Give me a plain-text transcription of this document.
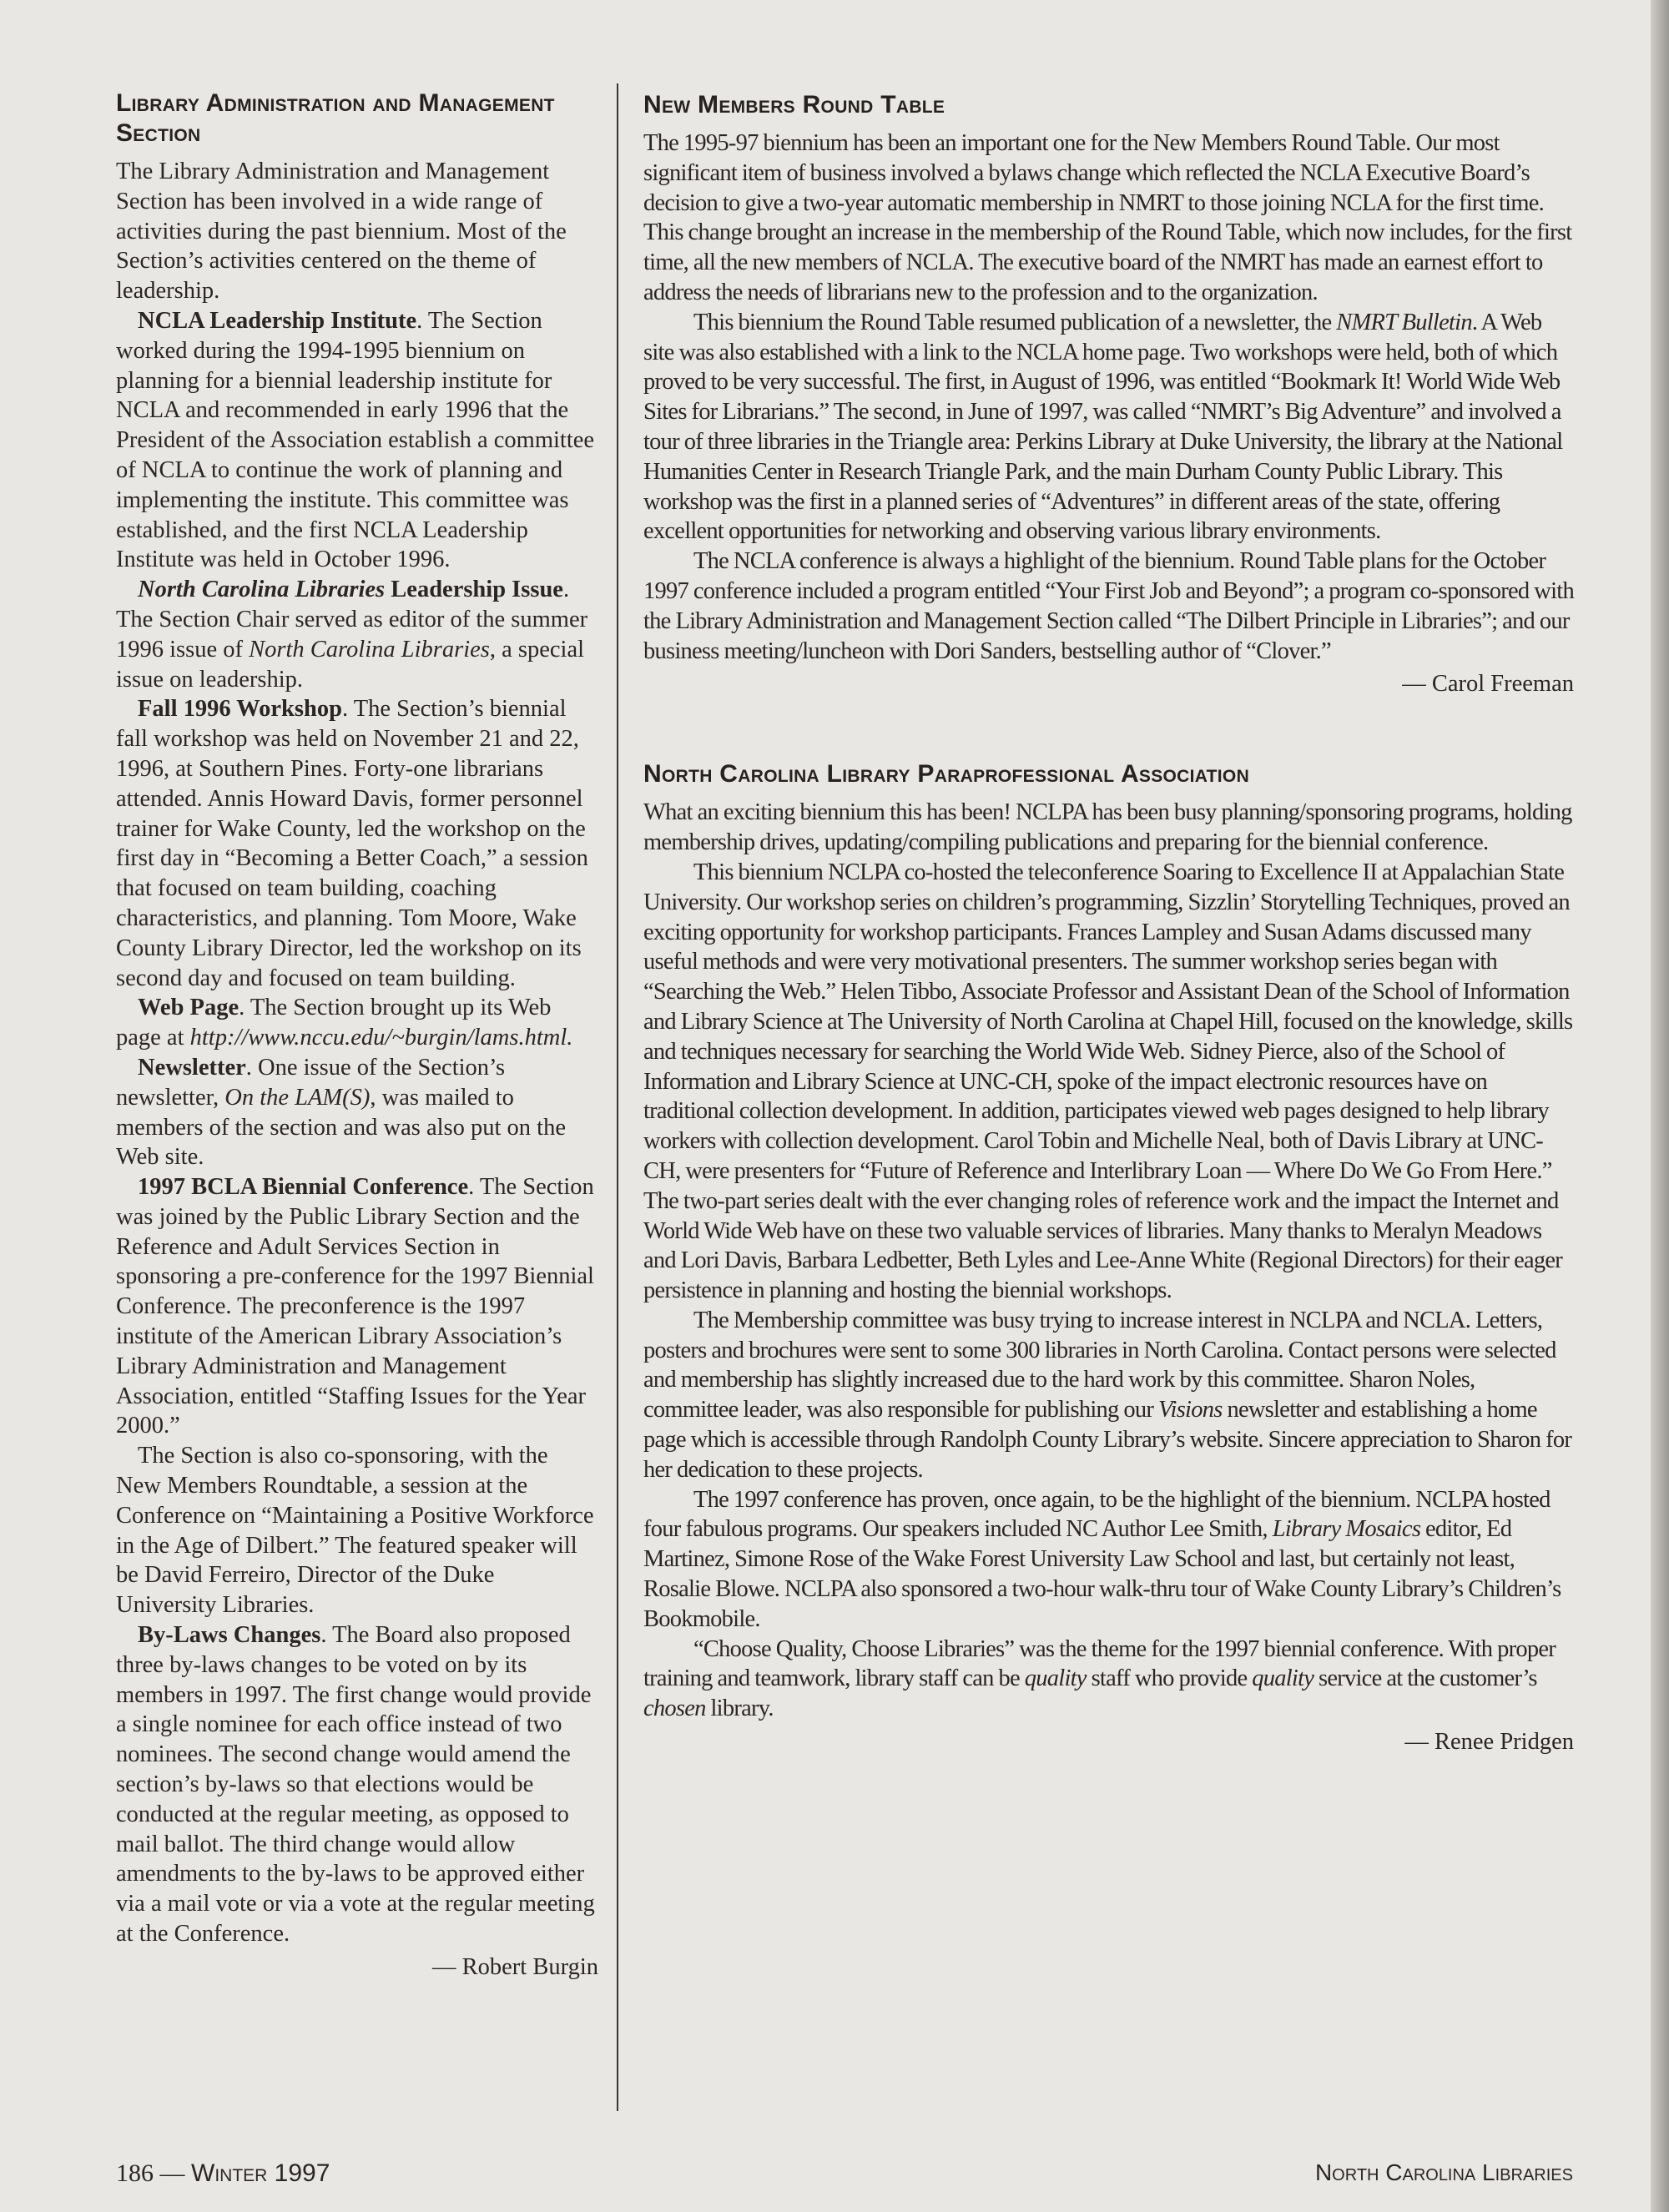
Library Administration and Management Section

The Library Administration and Management Section has been involved in a wide range of activities during the past biennium. Most of the Section’s activities centered on the theme of leadership.

NCLA Leadership Institute. The Section worked during the 1994-1995 biennium on planning for a biennial leadership institute for NCLA and recommended in early 1996 that the President of the Association establish a committee of NCLA to continue the work of planning and implementing the institute. This committee was established, and the first NCLA Leadership Institute was held in October 1996.

North Carolina Libraries Leadership Issue. The Section Chair served as editor of the summer 1996 issue of North Carolina Libraries, a special issue on leadership.

Fall 1996 Workshop. The Section’s biennial fall workshop was held on November 21 and 22, 1996, at Southern Pines. Forty-one librarians attended. Annis Howard Davis, former personnel trainer for Wake County, led the workshop on the first day in “Becoming a Better Coach,” a session that focused on team building, coaching characteristics, and planning. Tom Moore, Wake County Library Director, led the workshop on its second day and focused on team building.

Web Page. The Section brought up its Web page at http://www.nccu.edu/~burgin/lams.html.

Newsletter. One issue of the Section’s newsletter, On the LAM(S), was mailed to members of the section and was also put on the Web site.

1997 BCLA Biennial Conference. The Section was joined by the Public Library Section and the Reference and Adult Services Section in sponsoring a pre-conference for the 1997 Biennial Conference. The preconference is the 1997 institute of the American Library Association’s Library Administration and Management Association, entitled “Staffing Issues for the Year 2000.”

The Section is also co-sponsoring, with the New Members Roundtable, a session at the Conference on “Maintaining a Positive Workforce in the Age of Dilbert.” The featured speaker will be David Ferreiro, Director of the Duke University Libraries.

By-Laws Changes. The Board also proposed three by-laws changes to be voted on by its members in 1997. The first change would provide a single nominee for each office instead of two nominees. The second change would amend the section’s by-laws so that elections would be conducted at the regular meeting, as opposed to mail ballot. The third change would allow amendments to the by-laws to be approved either via a mail vote or via a vote at the regular meeting at the Conference.

— Robert Burgin

New Members Round Table

The 1995-97 biennium has been an important one for the New Members Round Table. Our most significant item of business involved a bylaws change which reflected the NCLA Executive Board’s decision to give a two-year automatic membership in NMRT to those joining NCLA for the first time. This change brought an increase in the membership of the Round Table, which now includes, for the first time, all the new members of NCLA. The executive board of the NMRT has made an earnest effort to address the needs of librarians new to the profession and to the organization.

This biennium the Round Table resumed publication of a newsletter, the NMRT Bulletin. A Web site was also established with a link to the NCLA home page. Two workshops were held, both of which proved to be very successful. The first, in August of 1996, was entitled “Bookmark It! World Wide Web Sites for Librarians.” The second, in June of 1997, was called “NMRT’s Big Adventure” and involved a tour of three libraries in the Triangle area: Perkins Library at Duke University, the library at the National Humanities Center in Research Triangle Park, and the main Durham County Public Library. This workshop was the first in a planned series of “Adventures” in different areas of the state, offering excellent opportunities for networking and observing various library environments.

The NCLA conference is always a highlight of the biennium. Round Table plans for the October 1997 conference included a program entitled “Your First Job and Beyond”; a program co-sponsored with the Library Administration and Management Section called “The Dilbert Principle in Libraries”; and our business meeting/luncheon with Dori Sanders, bestselling author of “Clover.”

— Carol Freeman

North Carolina Library Paraprofessional Association

What an exciting biennium this has been! NCLPA has been busy planning/sponsoring programs, holding membership drives, updating/compiling publications and preparing for the biennial conference.

This biennium NCLPA co-hosted the teleconference Soaring to Excellence II at Appalachian State University. Our workshop series on children’s programming, Sizzlin’ Storytelling Techniques, proved an exciting opportunity for workshop participants. Frances Lampley and Susan Adams discussed many useful methods and were very motivational presenters. The summer workshop series began with “Searching the Web.” Helen Tibbo, Associate Professor and Assistant Dean of the School of Information and Library Science at The University of North Carolina at Chapel Hill, focused on the knowledge, skills and techniques necessary for searching the World Wide Web. Sidney Pierce, also of the School of Information and Library Science at UNC-CH, spoke of the impact electronic resources have on traditional collection development. In addition, participates viewed web pages designed to help library workers with collection development. Carol Tobin and Michelle Neal, both of Davis Library at UNC-CH, were presenters for “Future of Reference and Interlibrary Loan — Where Do We Go From Here.” The two-part series dealt with the ever changing roles of reference work and the impact the Internet and World Wide Web have on these two valuable services of libraries. Many thanks to Meralyn Meadows and Lori Davis, Barbara Ledbetter, Beth Lyles and Lee-Anne White (Regional Directors) for their eager persistence in planning and hosting the biennial workshops.

The Membership committee was busy trying to increase interest in NCLPA and NCLA. Letters, posters and brochures were sent to some 300 libraries in North Carolina. Contact persons were selected and membership has slightly increased due to the hard work by this committee. Sharon Noles, committee leader, was also responsible for publishing our Visions newsletter and establishing a home page which is accessible through Randolph County Library’s website. Sincere appreciation to Sharon for her dedication to these projects.

The 1997 conference has proven, once again, to be the highlight of the biennium. NCLPA hosted four fabulous programs. Our speakers included NC Author Lee Smith, Library Mosaics editor, Ed Martinez, Simone Rose of the Wake Forest University Law School and last, but certainly not least, Rosalie Blowe. NCLPA also sponsored a two-hour walk-thru tour of Wake County Library’s Children’s Bookmobile.

“Choose Quality, Choose Libraries” was the theme for the 1997 biennial conference. With proper training and teamwork, library staff can be quality staff who provide quality service at the customer’s chosen library.

— Renee Pridgen

186 — Winter 1997	North Carolina Libraries
